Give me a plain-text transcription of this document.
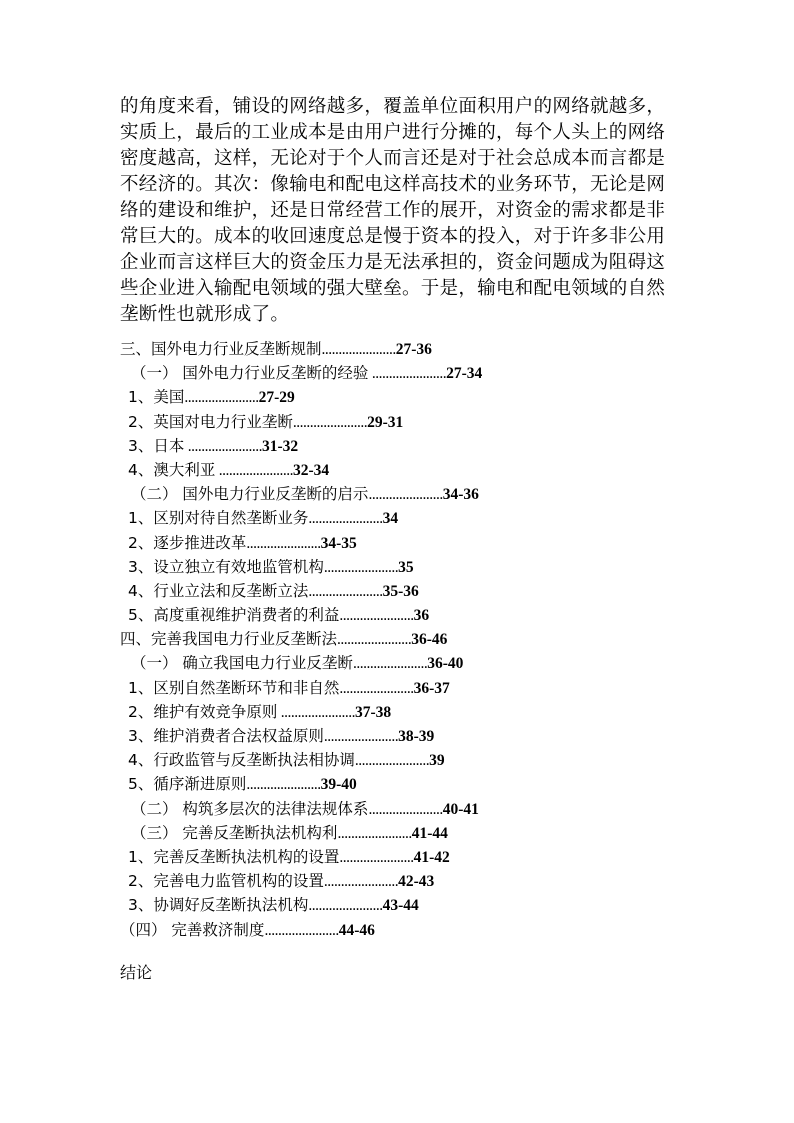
的角度来看，铺设的网络越多，覆盖单位面积用户的网络就越多，
实质上，最后的工业成本是由用户进行分摊的，每个人头上的网络
密度越高，这样，无论对于个人而言还是对于社会总成本而言都是
不经济的。其次：像输电和配电这样高技术的业务环节，无论是网
络的建设和维护，还是日常经营工作的展开，对资金的需求都是非
常巨大的。成本的收回速度总是慢于资本的投入，对于许多非公用
企业而言这样巨大的资金压力是无法承担的，资金问题成为阻碍这
些企业进入输配电领域的强大壁垒。于是，输电和配电领域的自然
垄断性也就形成了。
三、国外电力行业反垄断规制......................27-36
（一） 国外电力行业反垄断的经验 ......................27-34
1、美国......................27-29
2、英国对电力行业垄断......................29-31
3、日本 ......................31-32
4、澳大利亚 ......................32-34
（二） 国外电力行业反垄断的启示......................34-36
1、区别对待自然垄断业务......................34
2、逐步推进改革......................34-35
3、设立独立有效地监管机构......................35
4、行业立法和反垄断立法......................35-36
5、高度重视维护消费者的利益......................36
四、完善我国电力行业反垄断法......................36-46
（一） 确立我国电力行业反垄断......................36-40
1、区别自然垄断环节和非自然......................36-37
2、维护有效竞争原则 ......................37-38
3、维护消费者合法权益原则......................38-39
4、行政监管与反垄断执法相协调......................39
5、循序渐进原则......................39-40
（二） 构筑多层次的法律法规体系......................40-41
（三） 完善反垄断执法机构利......................41-44
1、完善反垄断执法机构的设置......................41-42
2、完善电力监管机构的设置......................42-43
3、协调好反垄断执法机构......................43-44
（四） 完善救济制度......................44-46

结论
